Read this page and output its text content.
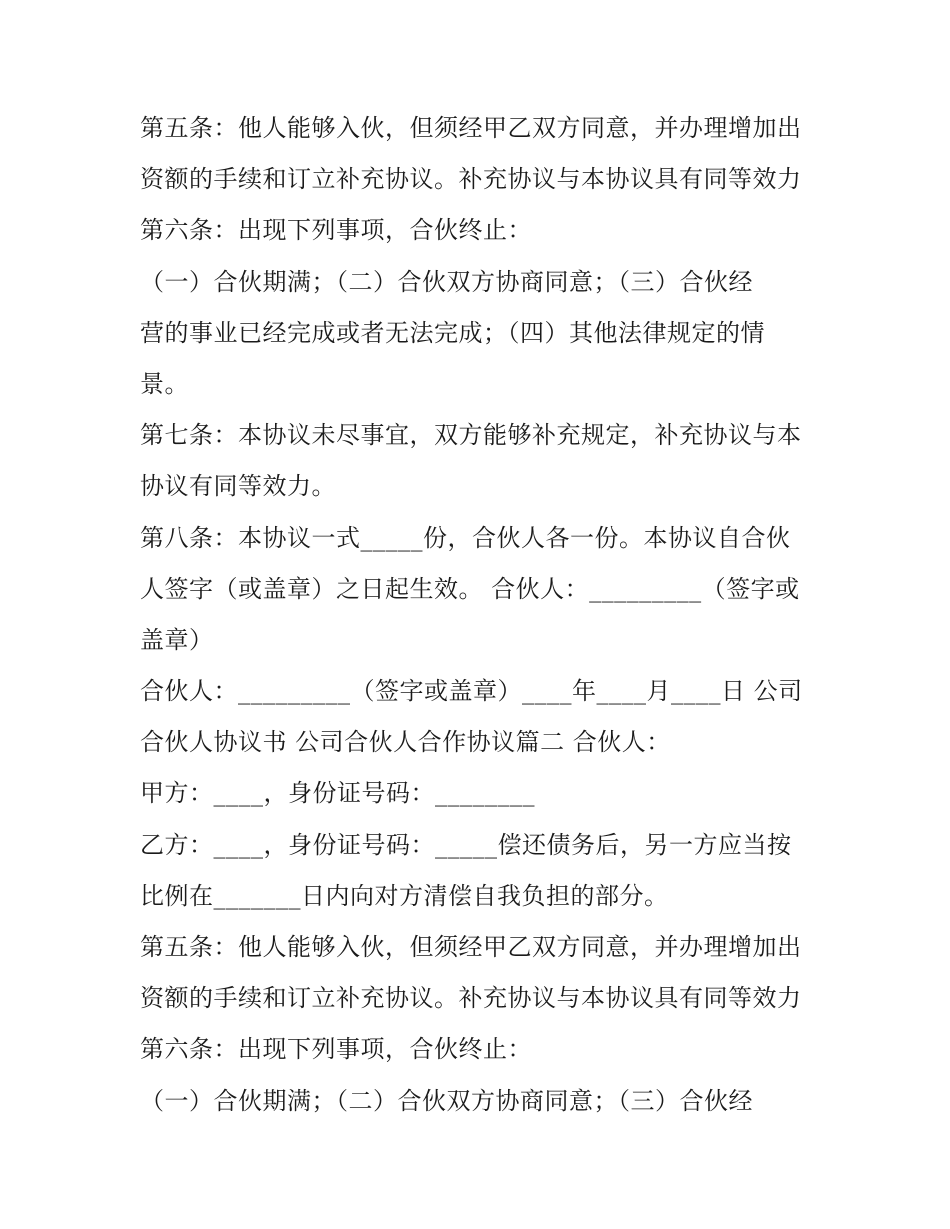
第五条：他人能够入伙，但须经甲乙双方同意，并办理增加出
资额的手续和订立补充协议。补充协议与本协议具有同等效力
第六条：出现下列事项，合伙终止：
（一）合伙期满；（二）合伙双方协商同意；（三）合伙经
营的事业已经完成或者无法完成；（四）其他法律规定的情
景。
第七条：本协议未尽事宜，双方能够补充规定，补充协议与本
协议有同等效力。
第八条：本协议一式_____份，合伙人各一份。本协议自合伙
人签字（或盖章）之日起生效。 合伙人：_________（签字或
盖章）
合伙人：_________（签字或盖章）____年____月____日 公司
合伙人协议书 公司合伙人合作协议篇二 合伙人：
甲方：____，身份证号码：________
乙方：____，身份证号码：_____偿还债务后，另一方应当按
比例在_______日内向对方清偿自我负担的部分。
第五条：他人能够入伙，但须经甲乙双方同意，并办理增加出
资额的手续和订立补充协议。补充协议与本协议具有同等效力
第六条：出现下列事项，合伙终止：
（一）合伙期满；（二）合伙双方协商同意；（三）合伙经
